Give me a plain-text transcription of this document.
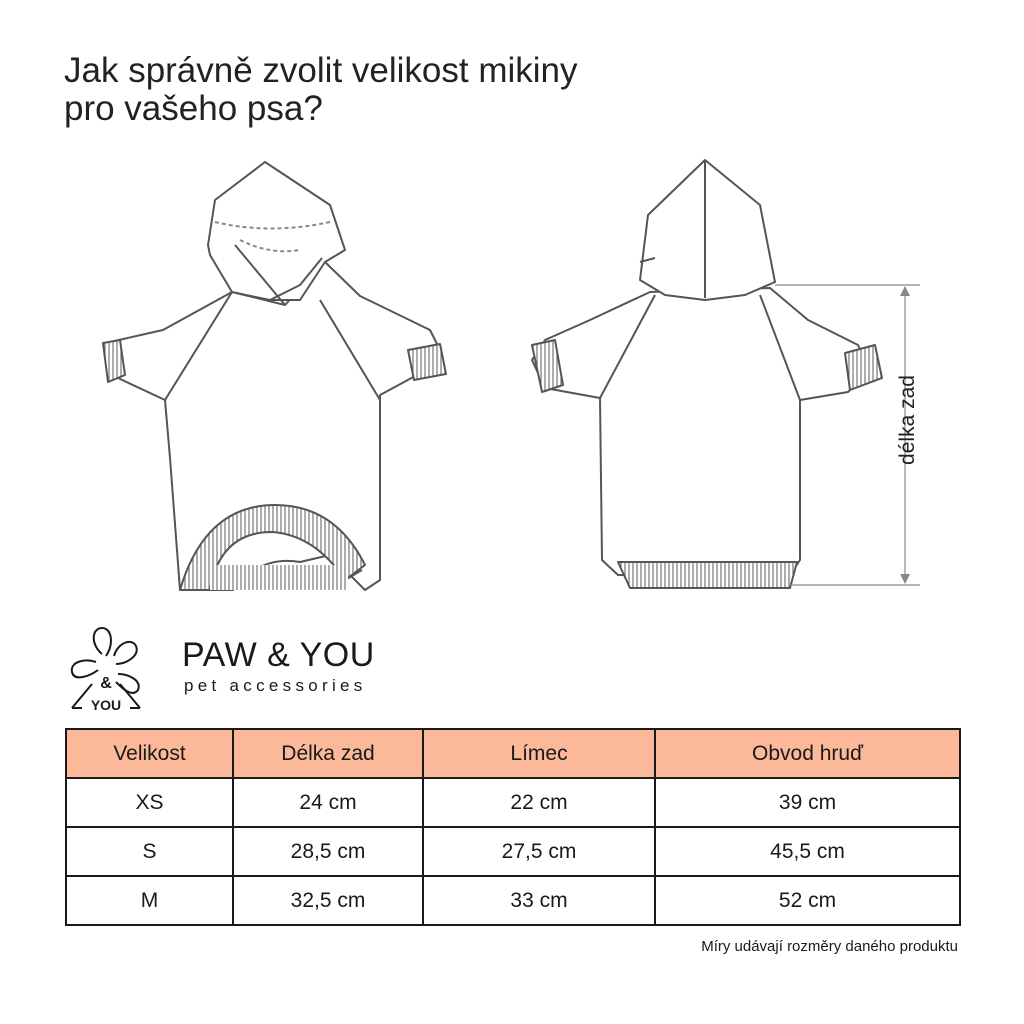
Jak správně zvolit velikost mikiny
pro vašeho psa?
délka zad
&
YOU
PAW & YOU
pet accessories
Velikost	Délka zad	Límec	Obvod hruď
XS	24 cm	22 cm	39 cm
S	28,5 cm	27,5 cm	45,5 cm
M	32,5 cm	33 cm	52 cm
Míry udávají rozměry daného produktu
